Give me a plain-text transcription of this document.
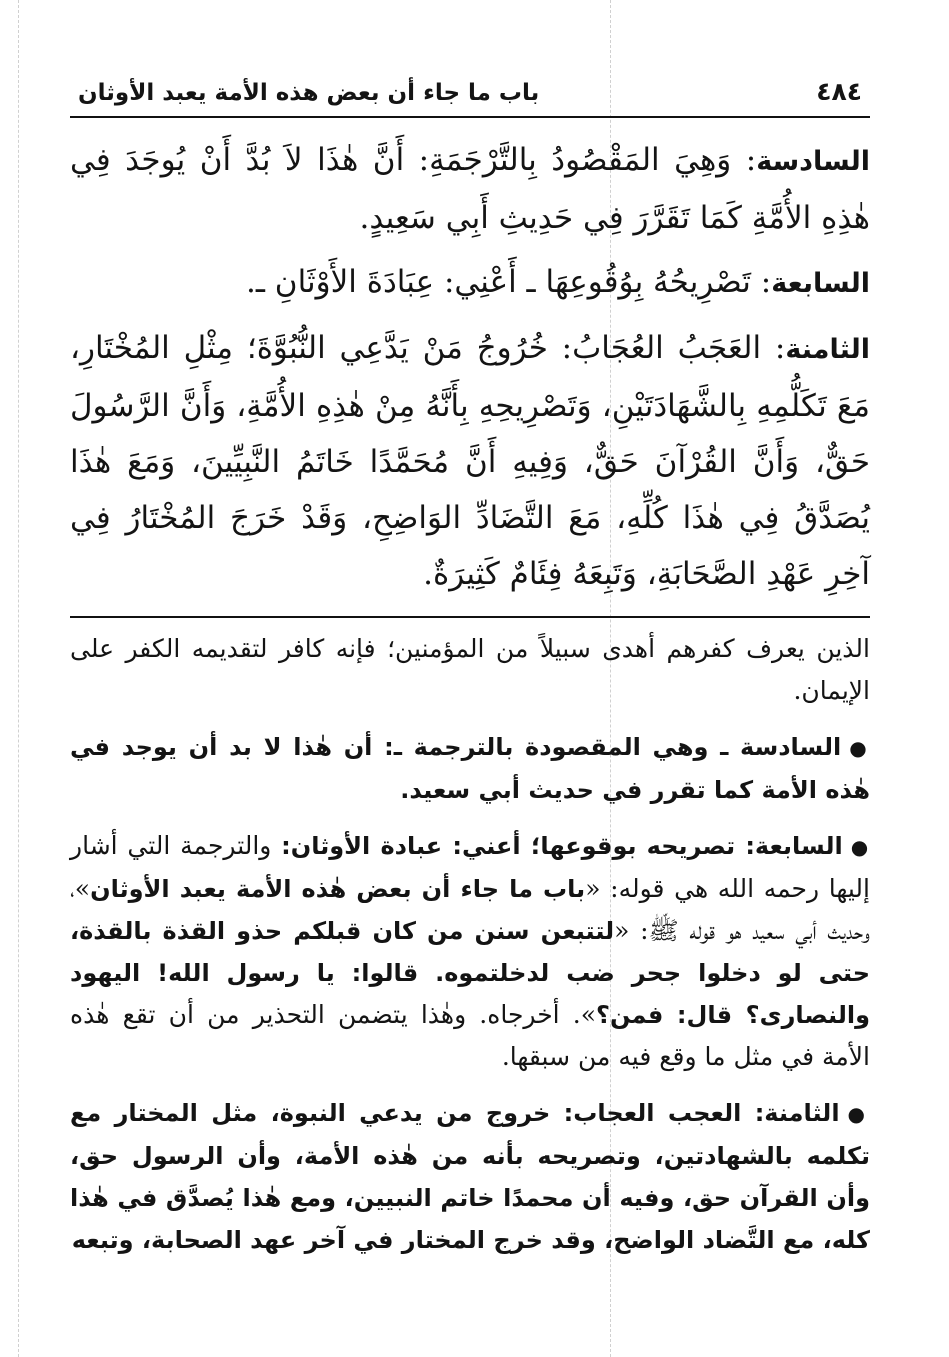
٤٨٤
باب ما جاء أن بعض هذه الأمة يعبد الأوثان

السادسة: وَهِيَ المَقْصُودُ بِالتَّرْجَمَةِ: أَنَّ هٰذَا لاَ بُدَّ أَنْ يُوجَدَ فِي هٰذِهِ الأُمَّةِ كَمَا تَقَرَّرَ فِي حَدِيثِ أَبِي سَعِيدٍ.

السابعة: تَصْرِيحُهُ بِوُقُوعِهَا ـ أَعْنِي: عِبَادَةَ الأَوْثَانِ ـ.

الثامنة: العَجَبُ العُجَابُ: خُرُوجُ مَنْ يَدَّعِي النُّبُوَّةَ؛ مِثْلِ المُخْتَارِ، مَعَ تَكَلُّمِهِ بِالشَّهَادَتَيْنِ، وَتَصْرِيحِهِ بِأَنَّهُ مِنْ هٰذِهِ الأُمَّةِ، وَأَنَّ الرَّسُولَ حَقٌّ، وَأَنَّ القُرْآنَ حَقٌّ، وَفِيهِ أَنَّ مُحَمَّدًا خَاتَمُ النَّبِيِّينَ، وَمَعَ هٰذَا يُصَدَّقُ فِي هٰذَا كُلِّهِ، مَعَ التَّضَادِّ الوَاضِحِ، وَقَدْ خَرَجَ المُخْتَارُ فِي آخِرِ عَهْدِ الصَّحَابَةِ، وَتَبِعَهُ فِئَامٌ كَثِيرَةٌ.

الذين يعرف كفرهم أهدى سبيلاً من المؤمنين؛ فإنه كافر لتقديمه الكفر على الإيمان.

●السادسة ـ وهي المقصودة بالترجمة ـ: أن هٰذا لا بد أن يوجد في هٰذه الأمة كما تقرر في حديث أبي سعيد.

●السابعة: تصريحه بوقوعها؛ أعني: عبادة الأوثان: والترجمة التي أشار إليها رحمه الله هي قوله: «باب ما جاء أن بعض هٰذه الأمة يعبد الأوثان»، وحديث أبي سعيد هو قوله ﷺ: «لتتبعن سنن من كان قبلكم حذو القذة بالقذة، حتى لو دخلوا جحر ضب لدخلتموه. قالوا: يا رسول الله! اليهود والنصارى؟ قال: فمن؟». أخرجاه. وهٰذا يتضمن التحذير من أن تقع هٰذه الأمة في مثل ما وقع فيه من سبقها.

●الثامنة: العجب العجاب: خروج من يدعي النبوة، مثل المختار مع تكلمه بالشهادتين، وتصريحه بأنه من هٰذه الأمة، وأن الرسول حق، وأن القرآن حق، وفيه أن محمدًا خاتم النبيين، ومع هٰذا يُصدَّق في هٰذا كله، مع التَّضاد الواضح، وقد خرج المختار في آخر عهد الصحابة، وتبعه
